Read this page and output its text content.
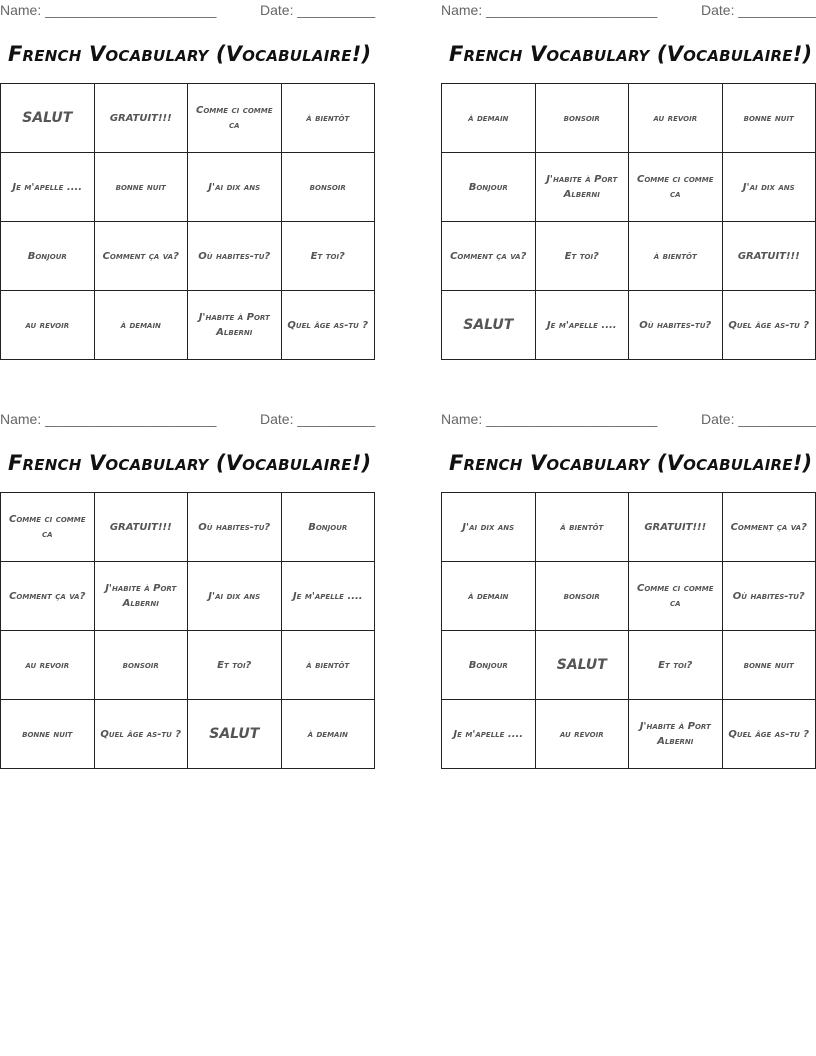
Name: ______________________	Date: __________
French Vocabulary (Vocabulaire!)
SALUT	GRATUIT!!!	Comme ci comme ca	à bientôt
Je m'apelle ....	bonne nuit	J'ai dix ans	bonsoir
Bonjour	Comment ça va?	Où habites-tu?	Et toi?
au revoir	à demain	J'habite à Port Alberni	Quel âge as-tu ?
Name: ______________________	Date: __________
French Vocabulary (Vocabulaire!)
à demain	bonsoir	au revoir	bonne nuit
Bonjour	J'habite à Port Alberni	Comme ci comme ca	J'ai dix ans
Comment ça va?	Et toi?	à bientôt	GRATUIT!!!
SALUT	Je m'apelle ....	Où habites-tu?	Quel âge as-tu ?
Name: ______________________	Date: __________
French Vocabulary (Vocabulaire!)
Comme ci comme ca	GRATUIT!!!	Où habites-tu?	Bonjour
Comment ça va?	J'habite à Port Alberni	J'ai dix ans	Je m'apelle ....
au revoir	bonsoir	Et toi?	à bientôt
bonne nuit	Quel âge as-tu ?	SALUT	à demain
Name: ______________________	Date: __________
French Vocabulary (Vocabulaire!)
J'ai dix ans	à bientôt	GRATUIT!!!	Comment ça va?
à demain	bonsoir	Comme ci comme ca	Où habites-tu?
Bonjour	SALUT	Et toi?	bonne nuit
Je m'apelle ....	au revoir	J'habite à Port Alberni	Quel âge as-tu ?
